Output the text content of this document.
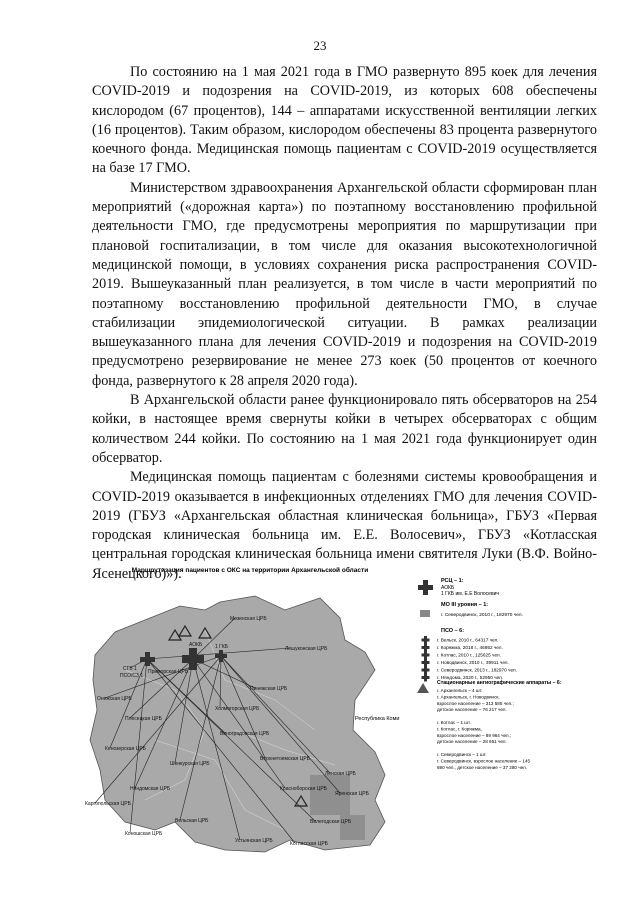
23

По состоянию на 1 мая 2021 года в ГМО развернуто 895 коек для лечения COVID-2019 и подозрения на COVID-2019, из которых 608 обеспечены кислородом (67 процентов), 144 – аппаратами искусственной вентиляции легких (16 процентов). Таким образом, кислородом обеспечены 83 процента развернутого коечного фонда. Медицинская помощь пациентам с COVID-2019 осуществляется на базе 17 ГМО.

Министерством здравоохранения Архангельской области сформирован план мероприятий («дорожная карта») по поэтапному восстановлению профильной деятельности ГМО, где предусмотрены мероприятия по маршрутизации при плановой госпитализации, в том числе для оказания высокотехнологичной медицинской помощи, в условиях сохранения риска распространения COVID-2019. Вышеуказанный план реализуется, в том числе в части мероприятий по поэтапному восстановлению профильной деятельности ГМО, в случае стабилизации эпидемиологической ситуации. В рамках реализации вышеуказанного плана для лечения COVID-2019 и подозрения на COVID-2019 предусмотрено резервирование не менее 273 коек (50 процентов от коечного фонда, развернутого к 28 апреля 2020 года).

В Архангельской области ранее функционировало пять обсерваторов на 254 койки, в настоящее время свернуты койки в четырех обсерваторах с общим количеством 244 койки. По состоянию на 1 мая 2021 года функционирует один обсерватор.

Медицинская помощь пациентам с болезнями системы кровообращения и COVID-2019 оказывается в инфекционных отделениях ГМО для лечения COVID-2019 (ГБУЗ «Архангельская областная клиническая больница», ГБУЗ «Первая городская клиническая больница им. Е.Е. Волосевич», ГБУЗ «Котласская центральная городская клиническая больница имени святителя Луки (В.Ф. Войно-Ясенецкого)»).

Маршрутизация пациентов с ОКС на территории Архангельской области
Мезенская ЦРБ
АОКБ	1 ГКБ
СГБ 1
ПСО/СЗ 1
Приморская ЦРБ
Онежская ЦРБ
Пинежская ЦРБ
Лешуконская ЦРБ
Холмогорская ЦРБ
Плесецкая ЦРБ
Виноградовская ЦРБ
Верхнетоемская ЦРБ
Красноборская ЦРБ
Вилегодская ЦРБ
Каргопольская ЦРБ
Няндомская ЦРБ
Коношская ЦРБ
Вельская ЦРБ
Устьянская ЦРБ	Котласская ЦРБ
Ленская ЦРБ
Шенкурская ЦРБ
Кенозерская ЦРБ
Яренская ЦРБ
Республика Коми
РСЦ – 1:
АОКБ
1 ГКБ им. Е.Е Волосевич
МО III уровня – 1:
г. Северодвинск, 2010 г., 182970 чел.
ПСО – 6:
г. Вельск, 2010 г., 64317 чел.
г. Коряжма, 2018 г., 46952 чел.
г. Котлас, 2010 г., 125625 чел.
г. Новодвинск, 2010 г., 39911 чел.
г. Северодвинск, 2013 г., 182970 чел.
г. Няндома, 2020 г., 52950 чел.
Стационарные ангиографические аппараты – 6:
г. Архангельск – 4 шт.
г. Архангельск, г. Новодвинск,
взрослое население – 313 585 чел.;
детское население – 76 217 чел.
г. Котлас – 1 шт.
г. Котлас, г. Коряжма,
взрослое население – 89 964 чел.;
детское население – 28 651 чел.
г. Северодвинск – 1 шт.
г. Северодвинск, взрослое население – 145
690 чел., детское население – 37 280 чел.
